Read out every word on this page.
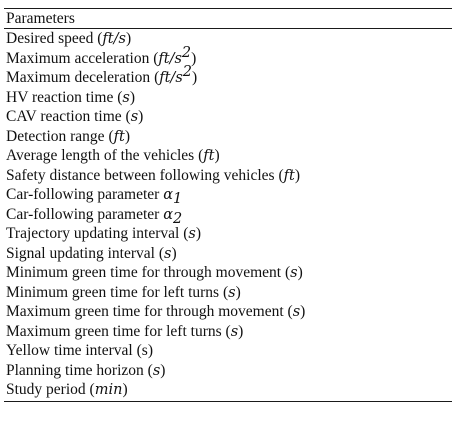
Parameters
Desired speed (ft/s)
Maximum acceleration $(ft/s^2)$
Maximum deceleration $(ft/s^2)$
HV reaction time (s)
CAV reaction time (s)
Detection range (ft)
Average length of the vehicles (ft)
Safety distance between following vehicles (ft)
Car-following parameter $\alpha_1$
Car-following parameter $\alpha_2$
Trajectory updating interval (s)
Signal updating interval (s)
Minimum green time for through movement (s)
Minimum green time for left turns (s)
Maximum green time for through movement (s)
Maximum green time for left turns (s)
Yellow time interval (s)
Planning time horizon (s)
Study period (min)
